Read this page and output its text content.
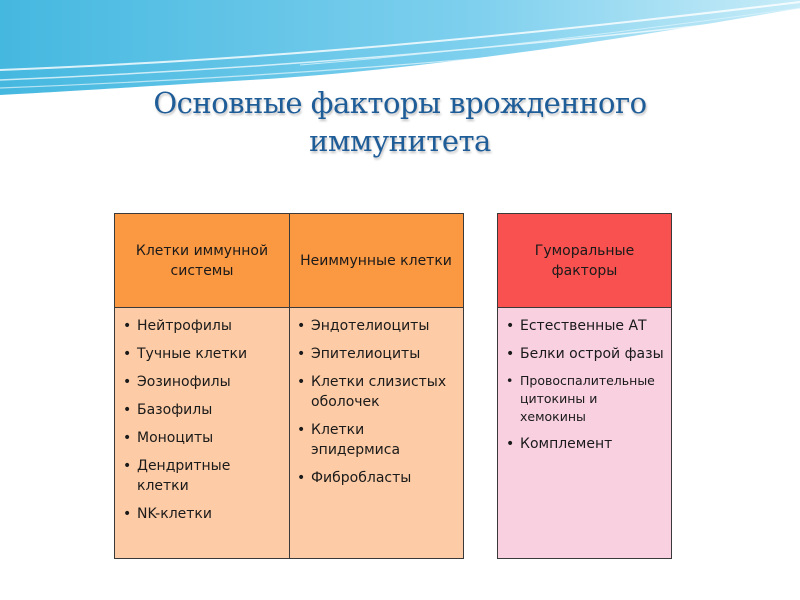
Основные факторы врожденного
иммунитета
Клетки иммунной системы
Неиммунные клетки
• Нейтрофилы
• Тучные клетки
• Эозинофилы
• Базофилы
• Моноциты
• Дендритные клетки
• NK-клетки
• Эндотелиоциты
• Эпителиоциты
• Клетки слизистых оболочек
• Клетки эпидермиса
• Фибробласты
Гуморальные факторы
• Естественные АТ
• Белки острой фазы
• Провоспалительные цитокины и хемокины
• Комплемент
